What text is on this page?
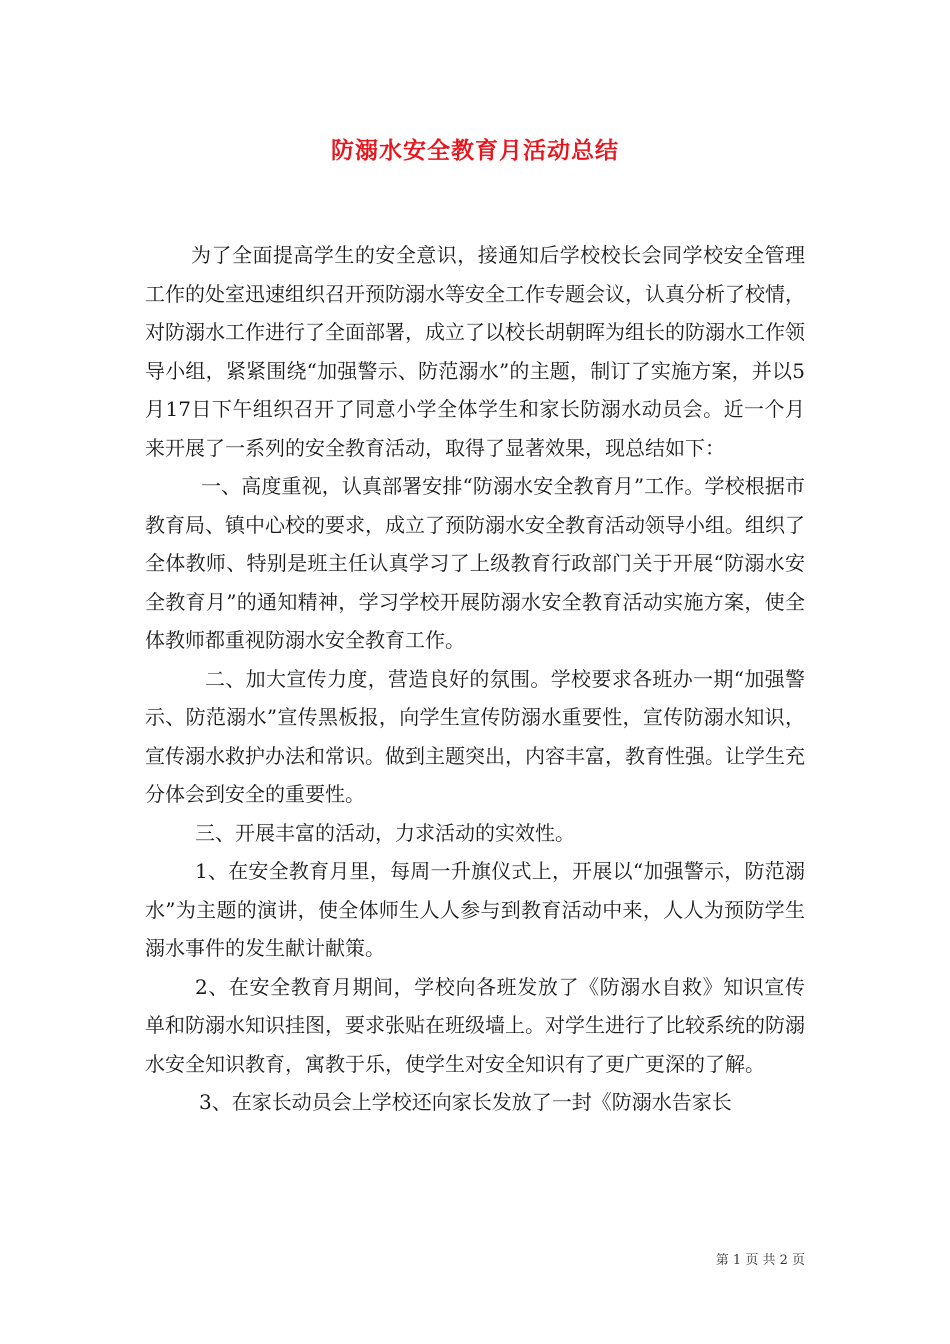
防溺水安全教育月活动总结

为了全面提高学生的安全意识，接通知后学校校长会同学校安全管理工作的处室迅速组织召开预防溺水等安全工作专题会议，认真分析了校情，对防溺水工作进行了全面部署，成立了以校长胡朝晖为组长的防溺水工作领导小组，紧紧围绕“加强警示、防范溺水”的主题，制订了实施方案，并以5月17日下午组织召开了同意小学全体学生和家长防溺水动员会。近一个月来开展了一系列的安全教育活动，取得了显著效果，现总结如下：

一、高度重视，认真部署安排“防溺水安全教育月”工作。学校根据市教育局、镇中心校的要求，成立了预防溺水安全教育活动领导小组。组织了全体教师、特别是班主任认真学习了上级教育行政部门关于开展“防溺水安全教育月”的通知精神，学习学校开展防溺水安全教育活动实施方案，使全体教师都重视防溺水安全教育工作。

二、加大宣传力度，营造良好的氛围。学校要求各班办一期“加强警示、防范溺水”宣传黑板报，向学生宣传防溺水重要性，宣传防溺水知识，宣传溺水救护办法和常识。做到主题突出，内容丰富，教育性强。让学生充分体会到安全的重要性。

三、开展丰富的活动，力求活动的实效性。

1、在安全教育月里，每周一升旗仪式上，开展以“加强警示，防范溺水”为主题的演讲，使全体师生人人参与到教育活动中来，人人为预防学生溺水事件的发生献计献策。

2、在安全教育月期间，学校向各班发放了《防溺水自救》知识宣传单和防溺水知识挂图，要求张贴在班级墙上。对学生进行了比较系统的防溺水安全知识教育，寓教于乐，使学生对安全知识有了更广更深的了解。

3、在家长动员会上学校还向家长发放了一封《防溺水告家长

第 1 页 共 2 页
